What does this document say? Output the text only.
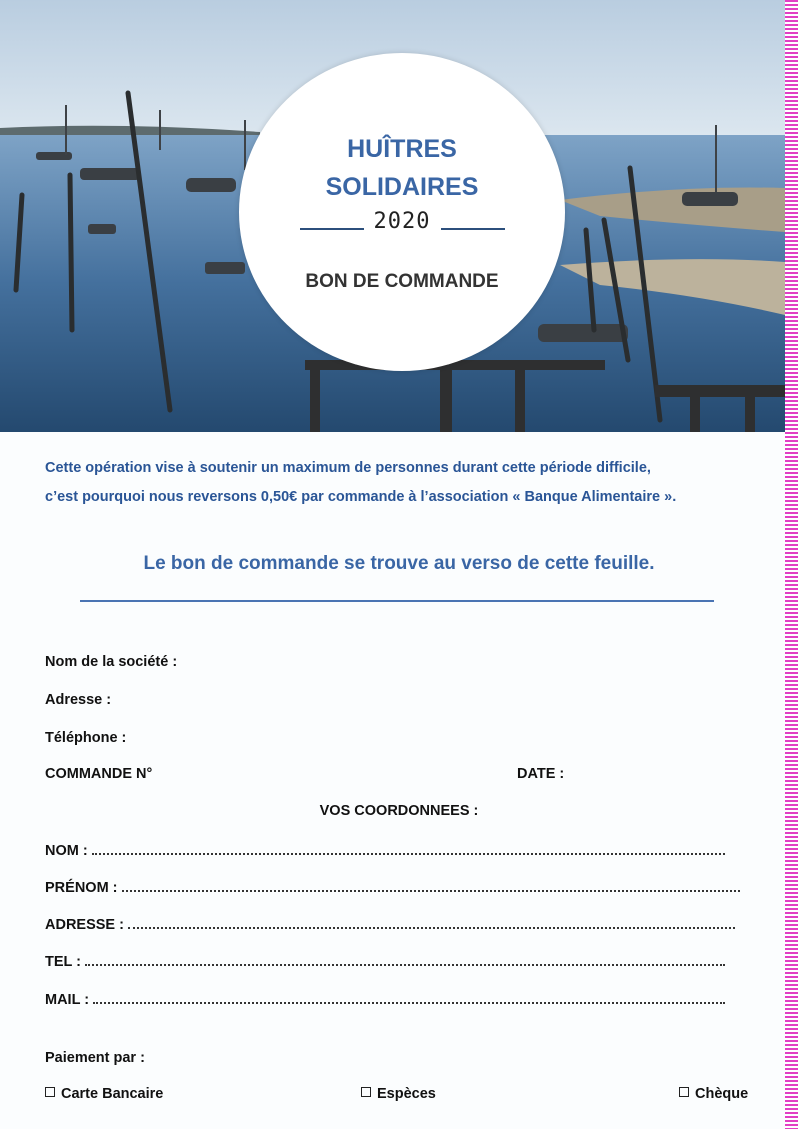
HUÎTRES
SOLIDAIRES
2020
BON DE COMMANDE
Cette opération vise à soutenir un maximum de personnes durant cette période difficile,
c’est pourquoi nous reversons 0,50€ par commande à l’association « Banque Alimentaire ».
Le bon de commande se trouve au verso de cette feuille.
Nom de la société :
Adresse :
Téléphone :
COMMANDE N°	DATE :
VOS COORDONNEES :
NOM :
PRÉNOM :
ADRESSE :
TEL :
MAIL :
Paiement par :
Carte Bancaire	Espèces	Chèque
